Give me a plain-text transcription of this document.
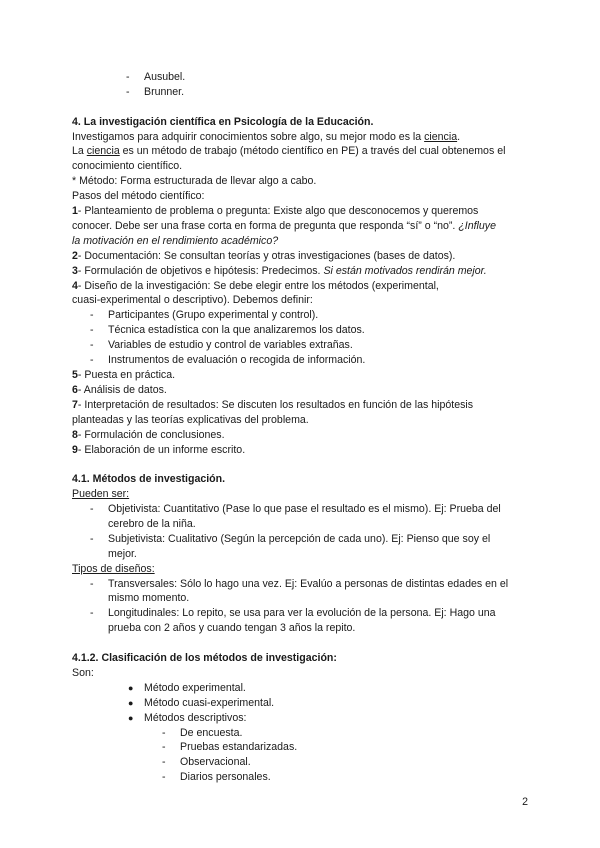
- Ausubel.
- Brunner.
4. La investigación científica en Psicología de la Educación.
Investigamos para adquirir conocimientos sobre algo, su mejor modo es la ciencia.
La ciencia es un método de trabajo (método científico en PE) a través del cual obtenemos el
conocimiento científico.
* Método: Forma estructurada de llevar algo a cabo.
Pasos del método científico:
1- Planteamiento de problema o pregunta: Existe algo que desconocemos y queremos
conocer. Debe ser una frase corta en forma de pregunta que responda “sí” o “no”. ¿Influye
la motivación en el rendimiento académico?
2- Documentación: Se consultan teorías y otras investigaciones (bases de datos).
3- Formulación de objetivos e hipótesis: Predecimos. Si están motivados rendirán mejor.
4- Diseño de la investigación: Se debe elegir entre los métodos (experimental,
cuasi-experimental o descriptivo). Debemos definir:
- Participantes (Grupo experimental y control).
- Técnica estadística con la que analizaremos los datos.
- Variables de estudio y control de variables extrañas.
- Instrumentos de evaluación o recogida de información.
5- Puesta en práctica.
6- Análisis de datos.
7- Interpretación de resultados: Se discuten los resultados en función de las hipótesis
planteadas y las teorías explicativas del problema.
8- Formulación de conclusiones.
9- Elaboración de un informe escrito.
4.1. Métodos de investigación.
Pueden ser:
- Objetivista: Cuantitativo (Pase lo que pase el resultado es el mismo). Ej: Prueba del
cerebro de la niña.
- Subjetivista: Cualitativo (Según la percepción de cada uno). Ej: Pienso que soy el
mejor.
Tipos de diseños:
- Transversales: Sólo lo hago una vez. Ej: Evalúo a personas de distintas edades en el
mismo momento.
- Longitudinales: Lo repito, se usa para ver la evolución de la persona. Ej: Hago una
prueba con 2 años y cuando tengan 3 años la repito.
4.1.2. Clasificación de los métodos de investigación:
Son:
● Método experimental.
● Método cuasi-experimental.
● Métodos descriptivos:
- De encuesta.
- Pruebas estandarizadas.
- Observacional.
- Diarios personales.
2
